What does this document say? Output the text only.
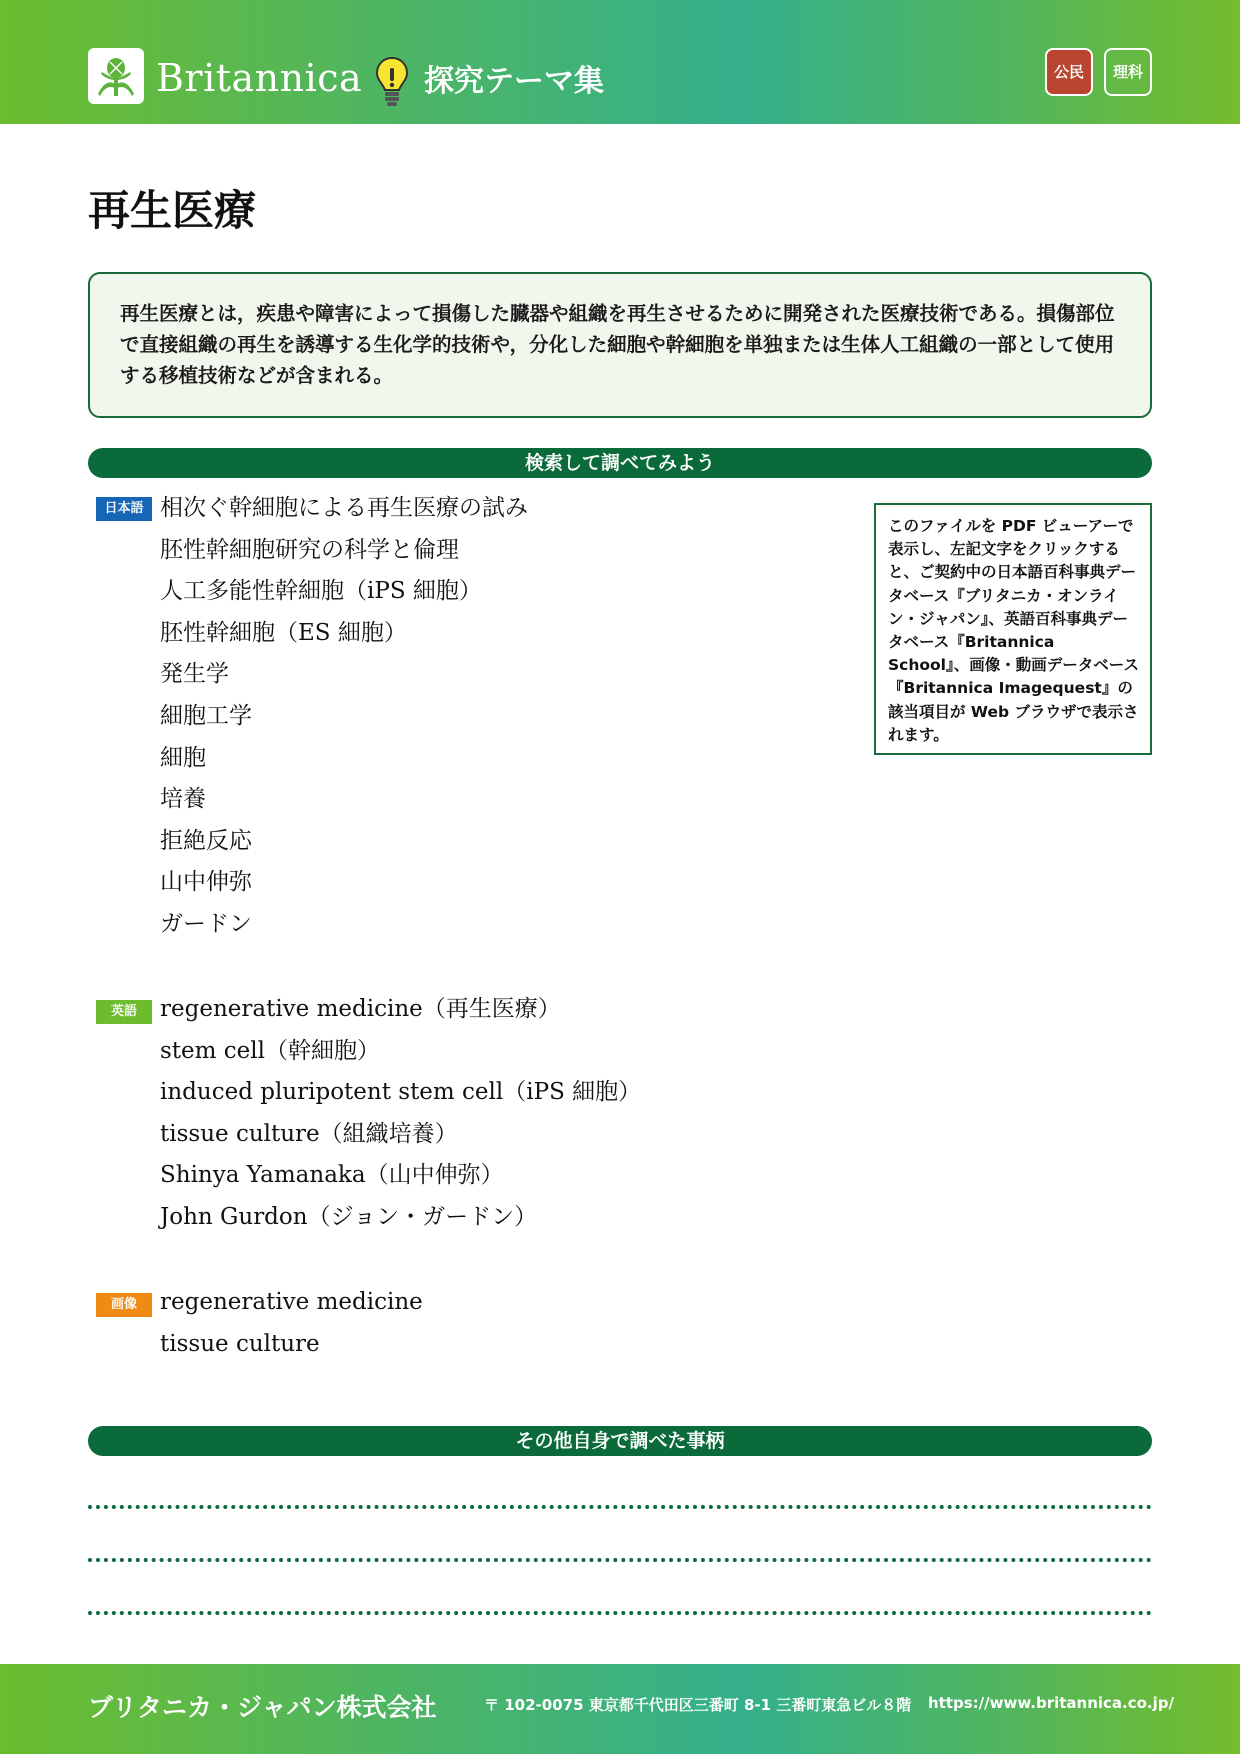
Britannica 探究テーマ集	公民	理科
再生医療
再生医療とは，疾患や障害によって損傷した臓器や組織を再生させるために開発された医療技術である。損傷部位で直接組織の再生を誘導する生化学的技術や，分化した細胞や幹細胞を単独または生体人工組織の一部として使用する移植技術などが含まれる。
検索して調べてみよう
日本語 相次ぐ幹細胞による再生医療の試み
胚性幹細胞研究の科学と倫理
人工多能性幹細胞（iPS 細胞）
胚性幹細胞（ES 細胞）
発生学
細胞工学
細胞
培養
拒絶反応
山中伸弥
ガードン
このファイルを PDF ビューアーで表示し、左記文字をクリックすると、ご契約中の日本語百科事典データベース『ブリタニカ・オンライン・ジャパン』、英語百科事典データベース『Britannica School』、画像・動画データベース『Britannica Imagequest』の該当項目が Web ブラウザで表示されます。
英語	regenerative medicine（再生医療）
stem cell（幹細胞）
induced pluripotent stem cell（iPS 細胞）
tissue culture（組織培養）
Shinya Yamanaka（山中伸弥）
John Gurdon（ジョン・ガードン）
画像	regenerative medicine
tissue culture
その他自身で調べた事柄
ブリタニカ・ジャパン株式会社	〒 102-0075 東京都千代田区三番町 8-1 三番町東急ビル８階 https://www.britannica.co.jp/
